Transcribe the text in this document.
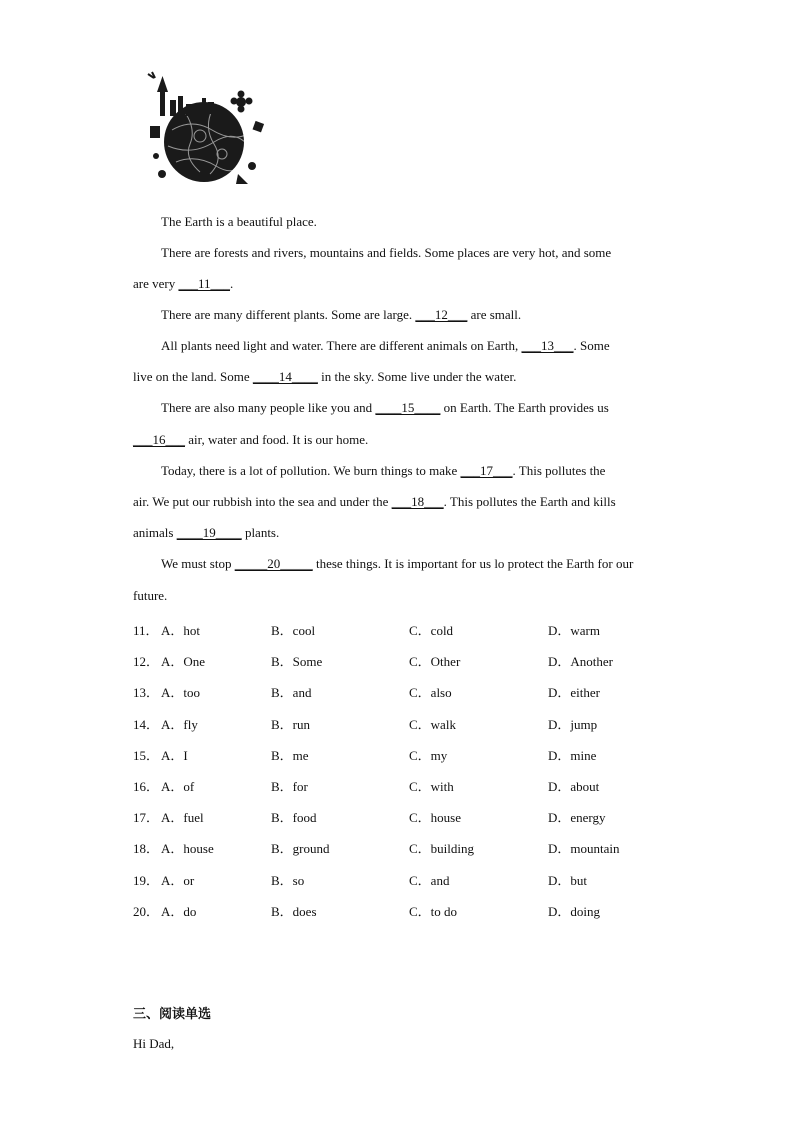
The Earth is a beautiful place.
There are forests and rivers, mountains and fields. Some places are very hot, and some
are very ___11___.
There are many different plants. Some are large. ___12___ are small.
All plants need light and water. There are different animals on Earth, ___13___. Some
live on the land. Some ____14____ in the sky. Some live under the water.
There are also many people like you and ____15____ on Earth. The Earth provides us
___16___ air, water and food. It is our home.
Today, there is a lot of pollution. We burn things to make ___17___. This pollutes the
air. We put our rubbish into the sea and under the ___18___. This pollutes the Earth and kills
animals ____19____ plants.
We must stop _____20_____ these things. It is important for us lo protect the Earth for our
future.
11． A．hot	B．cool	C．cold	D．warm
12． A．One	B．Some	C．Other	D．Another
13． A．too	B．and	C．also	D．either
14． A．fly	B．run	C．walk	D．jump
15． A．I	B．me	C．my	D．mine
16． A．of	B．for	C．with	D．about
17． A．fuel	B．food	C．house	D．energy
18． A．house	B．ground	C．building	D．mountain
19． A．or	B．so	C．and	D．but
20． A．do	B．does	C．to do	D．doing
三、阅读单选
Hi Dad,
